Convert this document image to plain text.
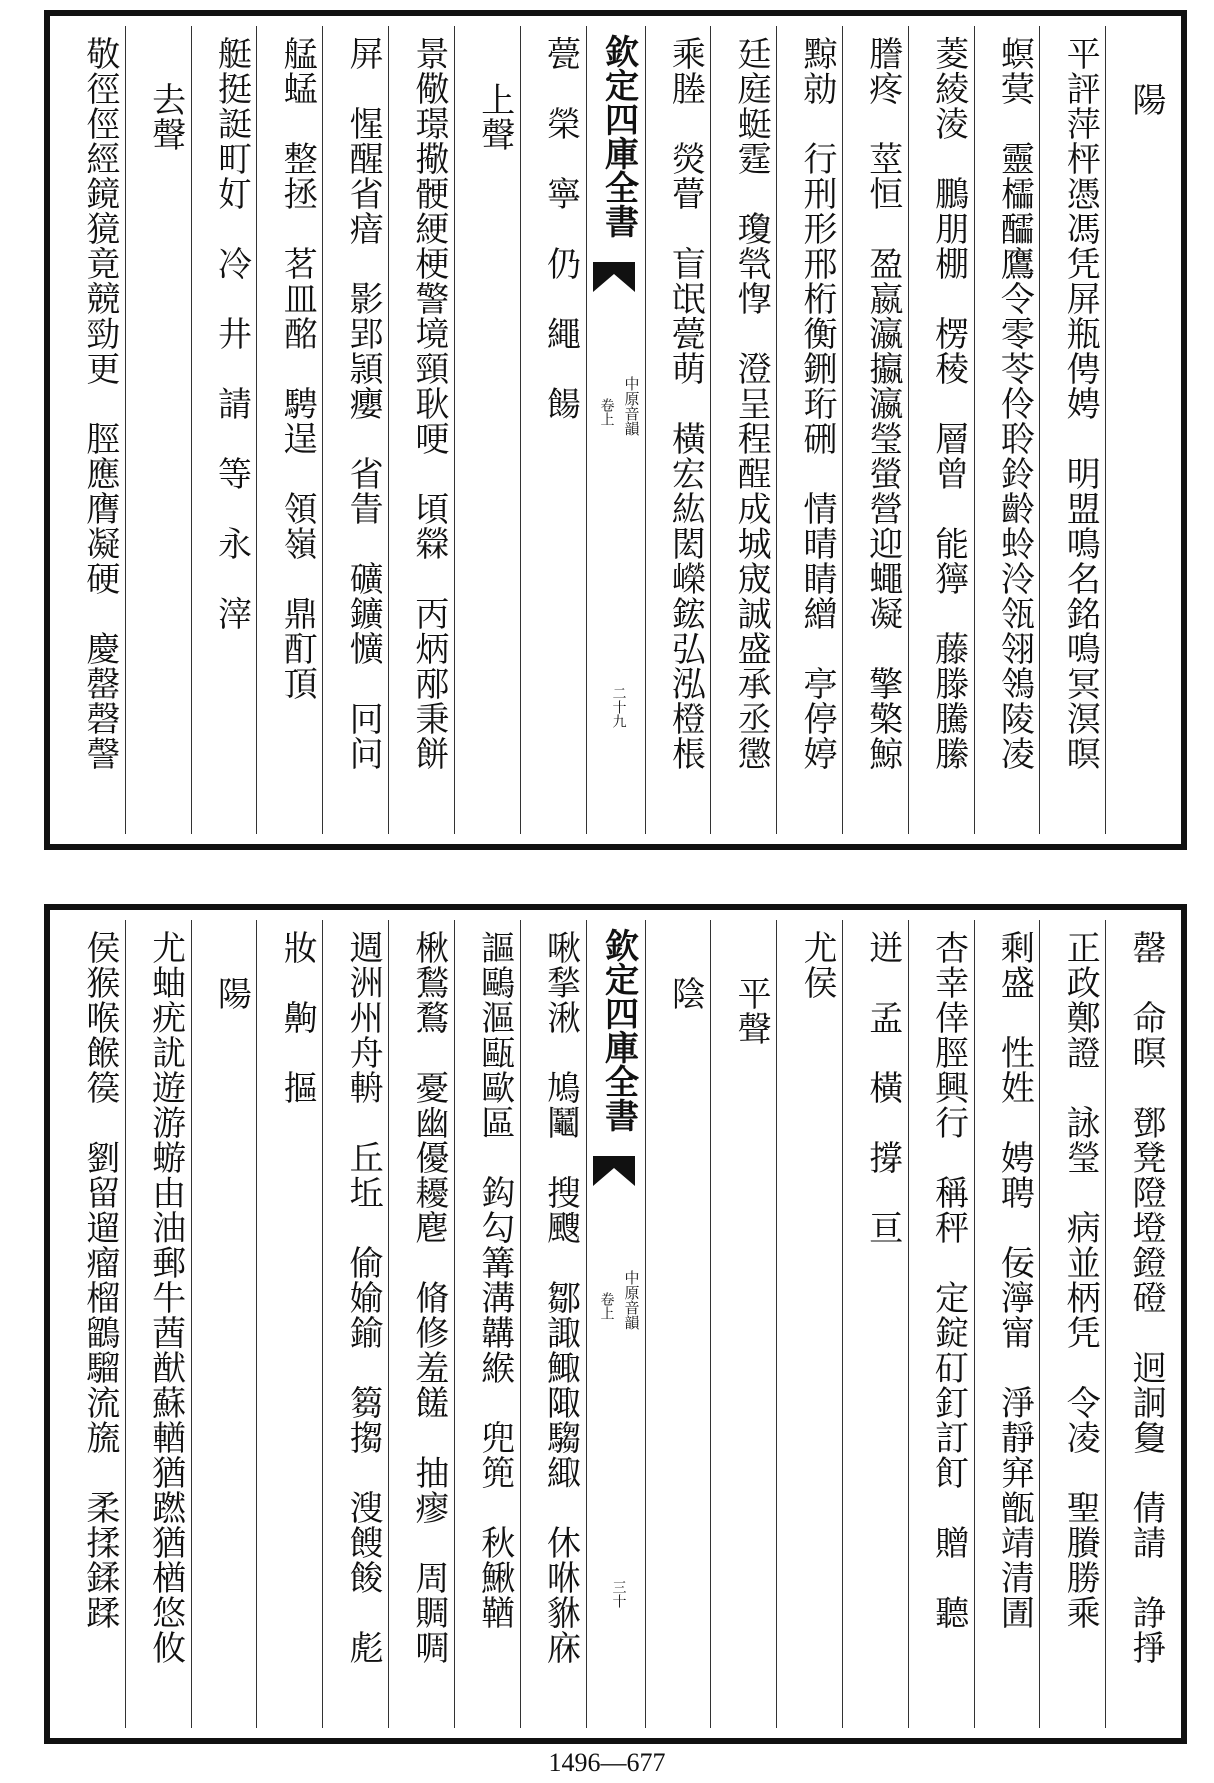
陽
平評萍枰憑馮凭屏瓶俜娉　明盟鳴名銘鳴冥溟暝
螟蓂　靈櫺醽鷹令零苓伶聆鈴齡蛉泠瓴翎鴒陵凌
菱綾淩　鵬朋棚　楞稜　層曾　能獰　藤滕騰縢
謄疼　莖恒　盈嬴瀛攍瀛瑩螢營迎蠅凝　擎檠鯨
黥勍　行刑形邢桁衡鉶珩硎　情晴睛繒　亭停婷
廷庭蜓霆　瓊煢惸　澄呈程酲成城宬誠盛承丞懲
乘塍　熒瞢　盲氓甍萌　橫宏紘閎嶸鋐弘泓橙棖
欽定四庫全書
中原音韻
卷上
二十九
甍　榮　寧　仍　繩　餳
上聲
景儆璟擏骾綆梗警境頸耿哽　頃檾　丙炳邴秉餅
屏　惺醒省瘖　影郢頴癭　省眚　礦鑛懭　冋问
艋蜢　整拯　茗皿酩　騁逞　領嶺　鼎酊頂
艇挺誔町奵　冷　井　請　等　永　滓
去聲
敬徑俓經鏡獍竟競勁更　脛應膺凝硬　慶罄磬謦
罄　命暝　鄧凳隥墱鐙磴　迥詗敻　倩請　諍掙
正政鄭證　詠瑩　病並柄凭　令凌　聖賸勝乘
剩盛　性姓　娉聘　佞濘甯　淨靜穽甑靖清圊
杏幸倖脛興行　稱秤　定錠矴釘訂飣　贈　聽
迸　孟　橫　撐　亘
尤侯
平聲
陰
欽定四庫全書
中原音韻
卷上
三十
啾揫湫　鳩鬮　搜颼　鄒諏鯫陬騶緅　休咻貅庥
謳鷗漚甌歐區　鈎勾篝溝韝緱　兜篼　秋鰍鞧
楸鶖鶩　憂幽優耰麀　脩修羞饈　抽瘳　周賙啁
週洲州舟輈　丘坵　偷媮鍮　篘搊　溲餿餕　彪
妝　齁　摳
陽
尤蚰疣訧遊游蝣由油郵牛莤猷蘇輶猶蹨猶楢悠攸
侯猴喉餱篌　劉留遛瘤榴鶹騮流旒　柔揉鍒蹂
1496—677
